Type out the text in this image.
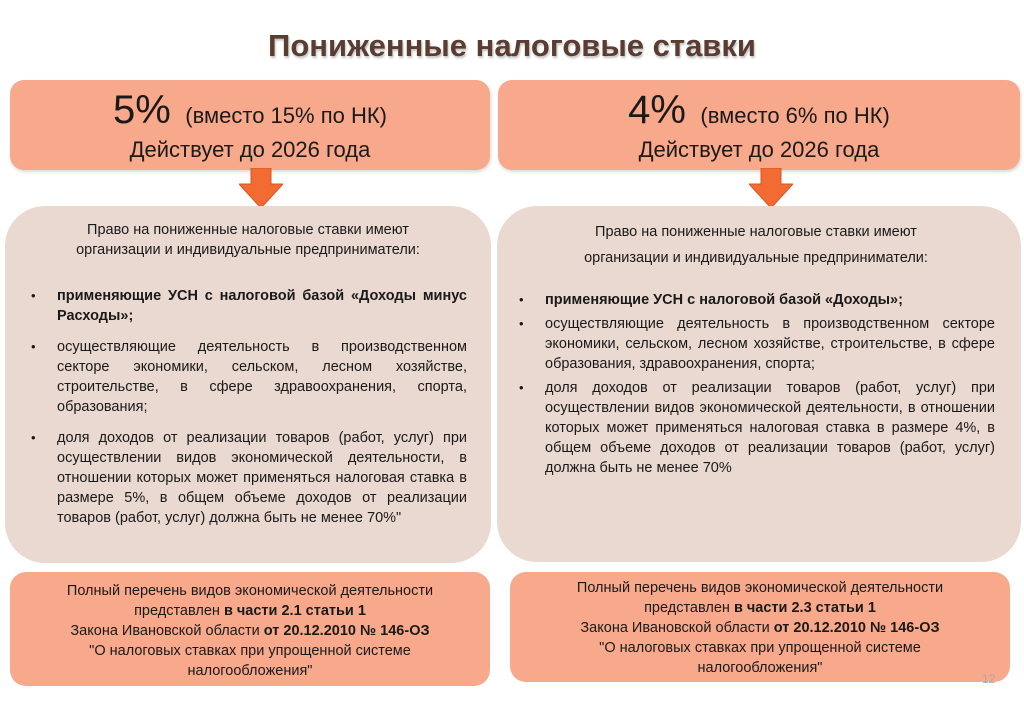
Пониженные налоговые ставки
5% (вместо 15% по НК)
Действует до 2026 года
Право на пониженные налоговые ставки имеют
организации и индивидуальные предприниматели:
• применяющие УСН с налоговой базой «Доходы минус Расходы»;
• осуществляющие деятельность в производственном секторе экономики, сельском, лесном хозяйстве, строительстве, в сфере здравоохранения, спорта, образования;
• доля доходов от реализации товаров (работ, услуг) при осуществлении видов экономической деятельности, в отношении которых может применяться налоговая ставка в размере 5%, в общем объеме доходов от реализации товаров (работ, услуг) должна быть не менее 70%"
Полный перечень видов экономической деятельности
представлен в части 2.1 статьи 1
Закона Ивановской области от 20.12.2010 № 146-ОЗ
"О налоговых ставках при упрощенной системе
налогообложения"
4% (вместо 6% по НК)
Действует до 2026 года
Право на пониженные налоговые ставки имеют
организации и индивидуальные предприниматели:
• применяющие УСН с налоговой базой «Доходы»;
• осуществляющие деятельность в производственном секторе экономики, сельском, лесном хозяйстве, строительстве, в сфере образования, здравоохранения, спорта;
• доля доходов от реализации товаров (работ, услуг) при осуществлении видов экономической деятельности, в отношении которых может применяться налоговая ставка в размере 4%, в общем объеме доходов от реализации товаров (работ, услуг) должна быть не менее 70%
Полный перечень видов экономической деятельности
представлен в части 2.3 статьи 1
Закона Ивановской области от 20.12.2010 № 146-ОЗ
"О налоговых ставках при упрощенной системе
налогообложения"
12
